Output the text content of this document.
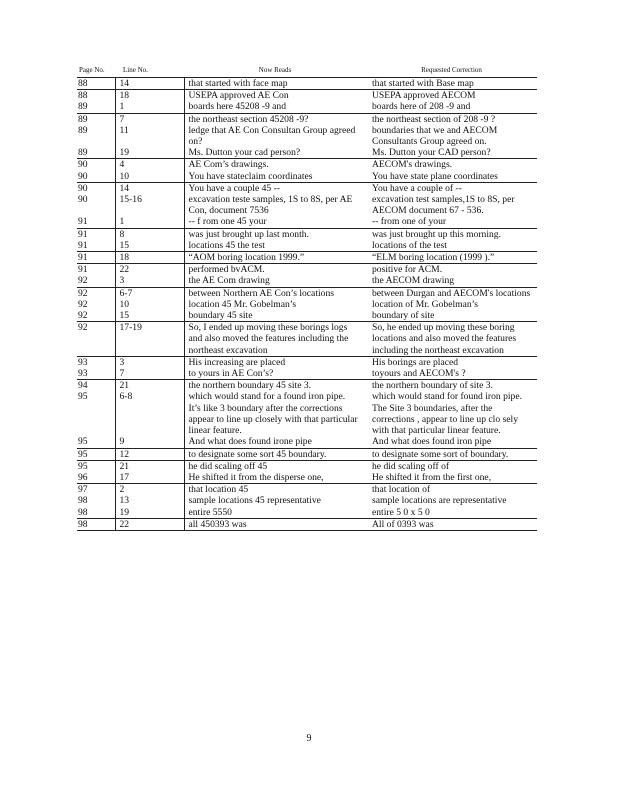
Page No.	Line No.	Now Reads	Requested Correction
88	14	that started with face map	that started with Base map
88	18	USEPA approved AE Con	USEPA approved AECOM
89	1	boards here 45208 -9 and	boards here of 208 -9 and
89	7	the northeast section 45208 -9?	the northeast section of 208 -9 ?
89	11	ledge that AE Con Consultan Group agreed on?	boundaries that we and AECOM Consultants Group agreed on.
89	19	Ms. Dutton your cad person?	Ms. Dutton your CAD person?
90	4	AE Com’s drawings.	AECOM's drawings.
90	10	You have stateclaim coordinates	You have state plane coordinates
90	14	You have a couple 45 --	You have a couple of --
90	15-16	excavation teste samples, 1S to 8S, per AE Con, document 7536	excavation test samples,1S to 8S, per AECOM document 67 - 536.
91	1	-- f rom one 45 your	-- from one of your
91	8	was just brought up last month.	was just brought up this morning.
91	15	locations 45 the test	locations of the test
91	18	“AOM boring location 1999.”	“ELM boring location (1999 ).”
91	22	performed bvACM.	positive for ACM.
92	3	the AE Com drawing	the AECOM drawing
92	6-7	between Northern AE Con’s locations	between Durgan and AECOM's locations
92	10	location 45 Mr. Gobelman’s	location of Mr. Gobelman’s
92	15	boundary 45 site	boundary of site
92	17-19	So, I ended up moving these borings logs and also moved the features including the northeast excavation	So, he ended up moving these boring locations and also moved the features including the northeast excavation
93	3	His increasing are placed	His borings are placed
93	7	to yours in AE Con’s?	toyours and AECOM's ?
94	21	the northern boundary 45 site 3.	the northern boundary of site 3.
95	6-8	which would stand for a found iron pipe. It’s like 3 boundary after the corrections appear to line up closely with that particular linear feature.	which would stand for found iron pipe. The Site 3 boundaries, after the corrections , appear to line up clo sely with that particular linear feature.
95	9	And what does found irone pipe	And what does found iron pipe
95	12	to designate some sort 45 boundary.	to designate some sort of boundary.
95	21	he did scaling off 45	he did scaling off of
96	17	He shifted it from the disperse one,	He shifted it from the first one,
97	2	that location 45	that location of
98	13	sample locations 45 representative	sample locations are representative
98	19	entire 5550	entire 5 0 x 5 0
98	22	all 450393 was	All of 0393 was
9
